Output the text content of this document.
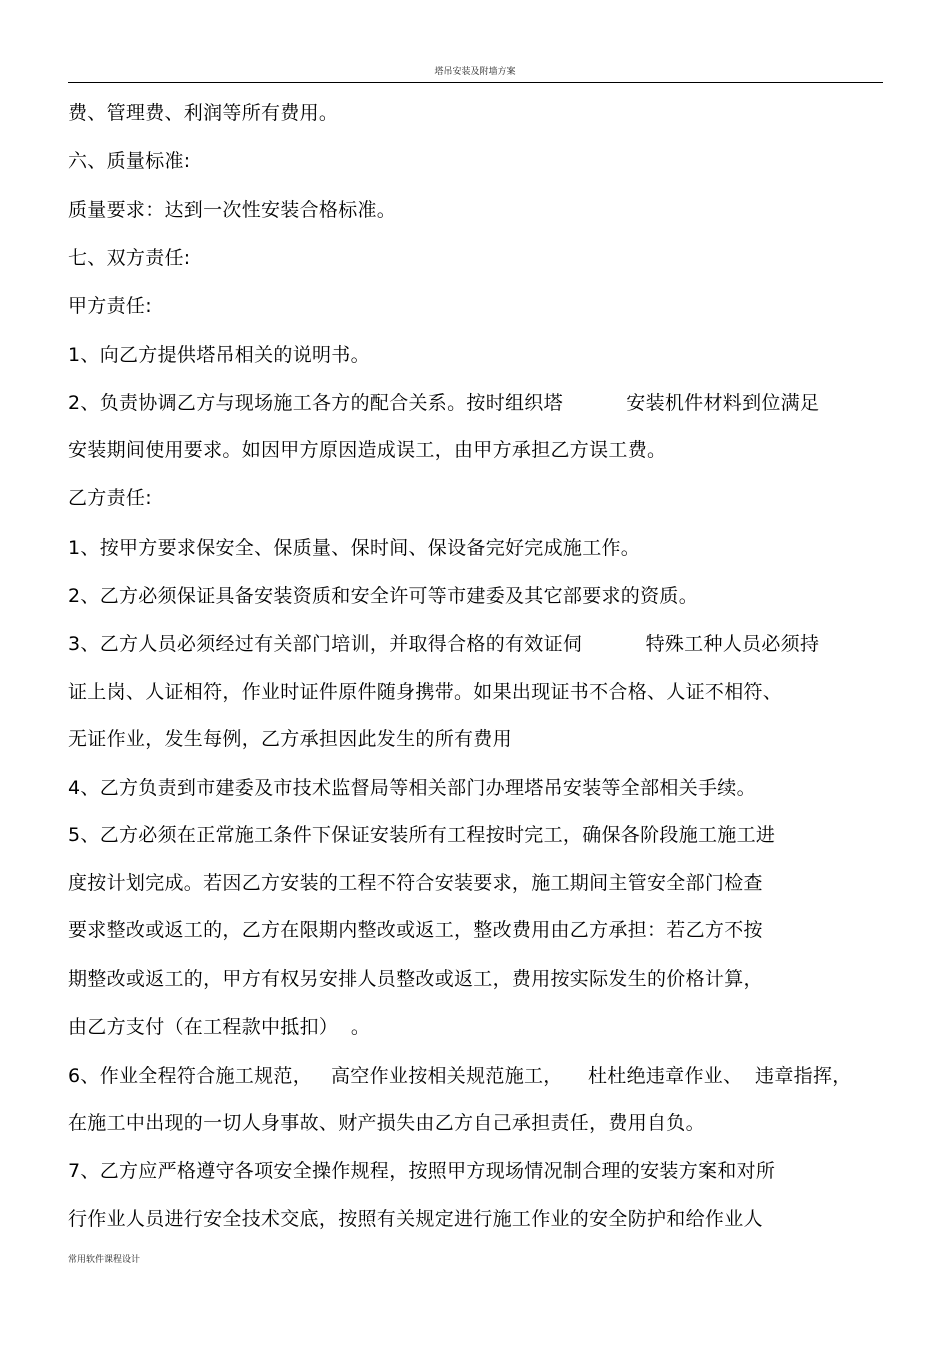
塔吊安装及附墙方案
费、管理费、利润等所有费用。
六、质量标准:
质量要求：达到一次性安装合格标准。
七、双方责任:
甲方责任:
1、向乙方提供塔吊相关的说明书。
2、负责协调乙方与现场施工各方的配合关系。按时组织塔          安装机件材料到位满足
安装期间使用要求。如因甲方原因造成误工，由甲方承担乙方误工费。
乙方责任:
1、按甲方要求保安全、保质量、保时间、保设备完好完成施工作。
2、乙方必须保证具备安装资质和安全许可等市建委及其它部要求的资质。
3、乙方人员必须经过有关部门培训，并取得合格的有效证伺          特殊工种人员必须持
证上岗、人证相符，作业时证件原件随身携带。如果出现证书不合格、人证不相符、
无证作业，发生每例，乙方承担因此发生的所有费用
4、乙方负责到市建委及市技术监督局等相关部门办理塔吊安装等全部相关手续。
5、乙方必须在正常施工条件下保证安装所有工程按时完工，确保各阶段施工施工进
度按计划完成。若因乙方安装的工程不符合安装要求，施工期间主管安全部门检查
要求整改或返工的，乙方在限期内整改或返工，整改费用由乙方承担：若乙方不按
期整改或返工的，甲方有权另安排人员整改或返工，费用按实际发生的价格计算，
由乙方支付（在工程款中抵扣）  。
6、作业全程符合施工规范，   高空作业按相关规范施工，    杜杜绝违章作业、  违章指挥，
在施工中出现的一切人身事故、财产损失由乙方自己承担责任，费用自负。
7、乙方应严格遵守各项安全操作规程，按照甲方现场情况制合理的安装方案和对所
行作业人员进行安全技术交底，按照有关规定进行施工作业的安全防护和给作业人
常用软件课程设计
